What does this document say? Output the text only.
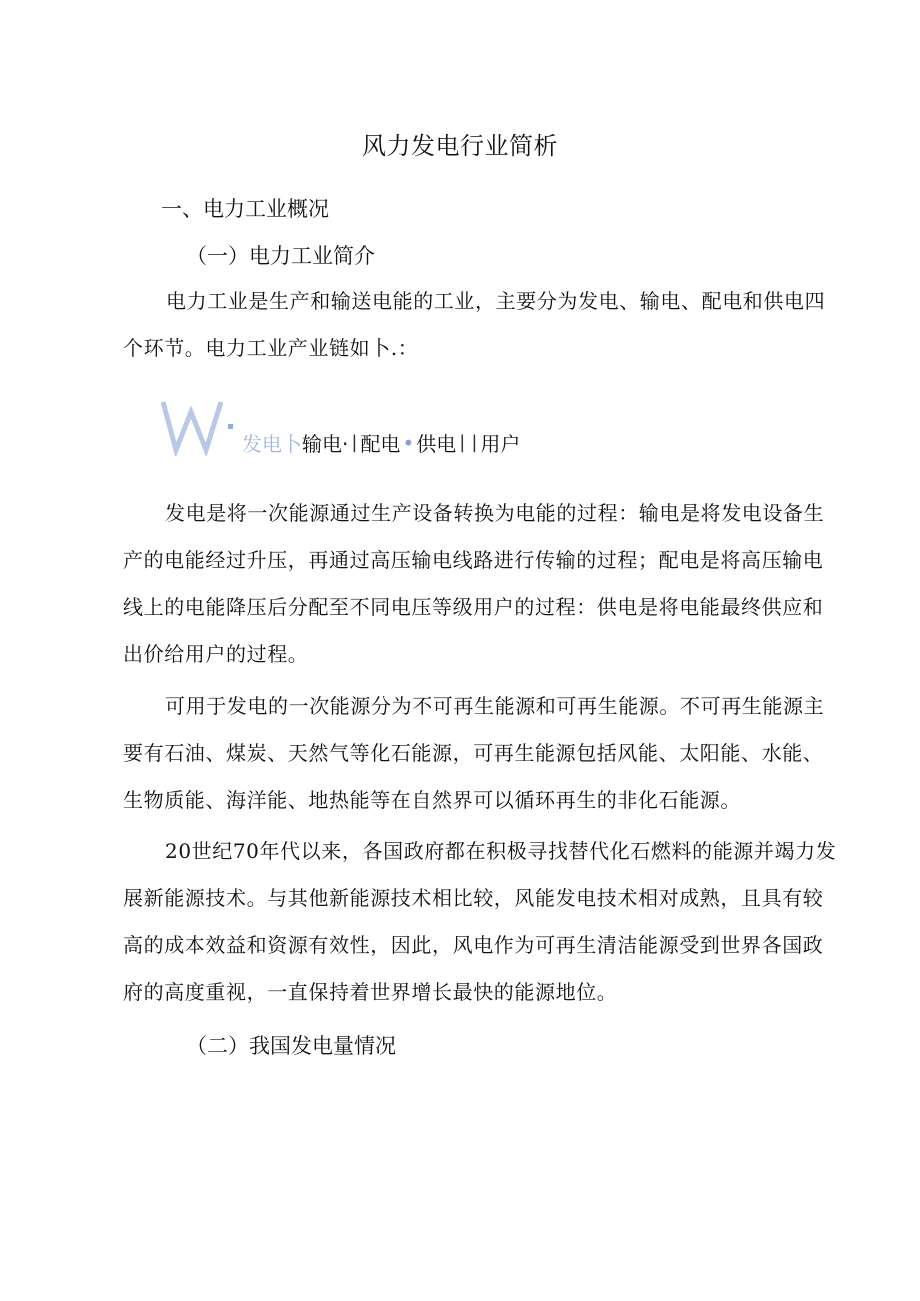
风力发电行业简析
一、电力工业概况
（一）电力工业简介
电力工业是生产和输送电能的工业，主要分为发电、输电、配电和供电四
个环节。电力工业产业链如卜.：
发电卜 输电· | 配电 • 供电 | | 用户
发电是将一次能源通过生产设备转换为电能的过程：输电是将发电设备生
产的电能经过升压，再通过高压输电线路进行传输的过程；配电是将高压输电
线上的电能降压后分配至不同电压等级用户的过程：供电是将电能最终供应和
出价给用户的过程。
可用于发电的一次能源分为不可再生能源和可再生能源。不可再生能源主
要有石油、煤炭、天然气等化石能源，可再生能源包括风能、太阳能、水能、
生物质能、海洋能、地热能等在自然界可以循环再生的非化石能源。
20世纪70年代以来，各国政府都在积极寻找替代化石燃料的能源并竭力发
展新能源技术。与其他新能源技术相比较，风能发电技术相对成熟，且具有较
高的成本效益和资源有效性，因此，风电作为可再生清洁能源受到世界各国政
府的高度重视，一直保持着世界增长最快的能源地位。
（二）我国发电量情况
